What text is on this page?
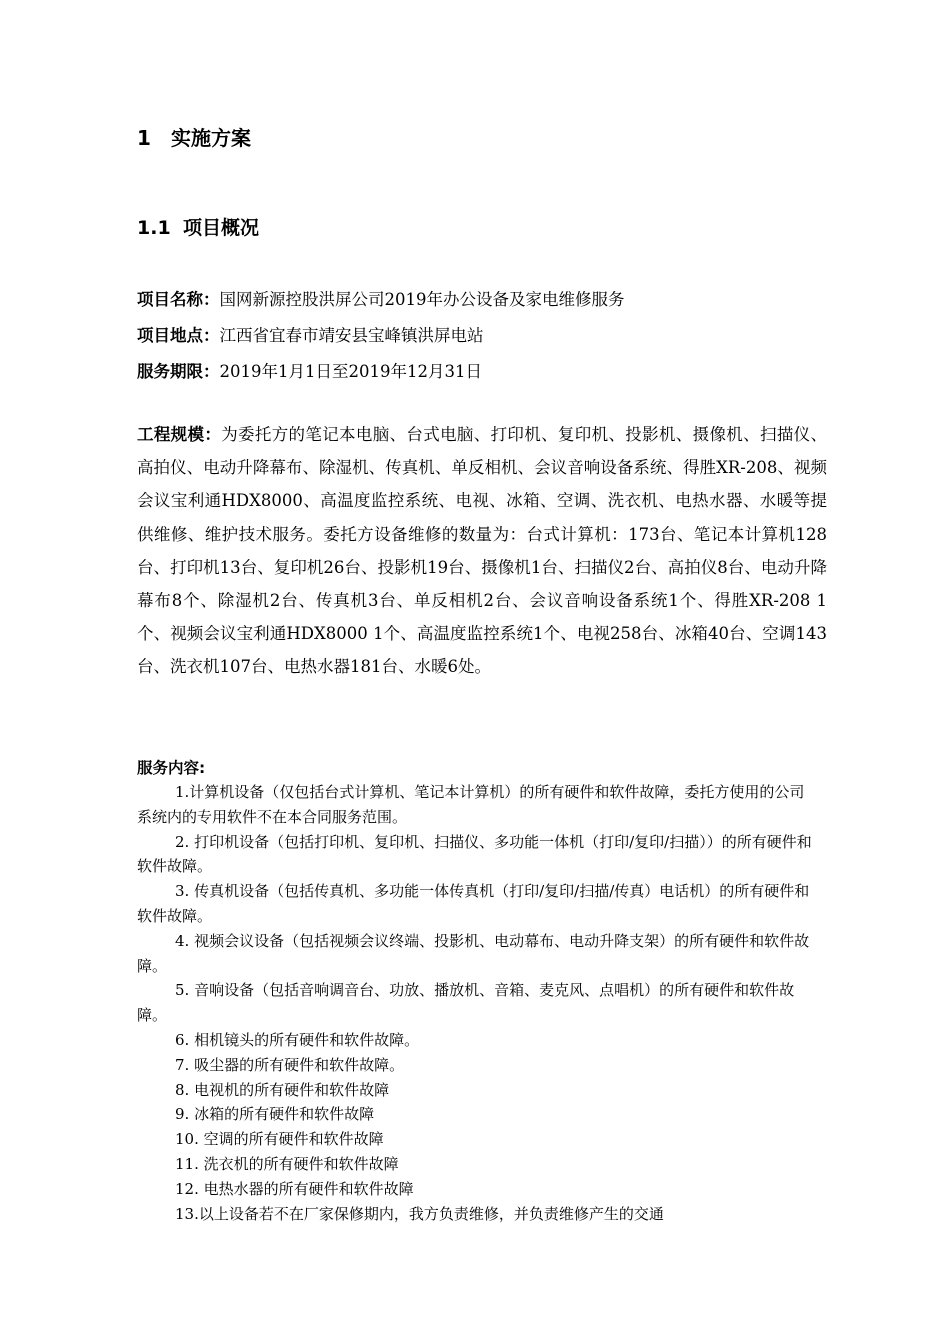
1 实施方案
1.1 项目概况
项目名称：国网新源控股洪屏公司2019年办公设备及家电维修服务
项目地点：江西省宜春市靖安县宝峰镇洪屏电站
服务期限：2019年1月1日至2019年12月31日
工程规模：为委托方的笔记本电脑、台式电脑、打印机、复印机、投影机、摄像机、扫描仪、高拍仪、电动升降幕布、除湿机、传真机、单反相机、会议音响设备系统、得胜XR-208、视频会议宝利通HDX8000、高温度监控系统、电视、冰箱、空调、洗衣机、电热水器、水暖等提供维修、维护技术服务。委托方设备维修的数量为：台式计算机：173台、笔记本计算机128台、打印机13台、复印机26台、投影机19台、摄像机1台、扫描仪2台、高拍仪8台、电动升降幕布8个、除湿机2台、传真机3台、单反相机2台、会议音响设备系统1个、得胜XR-208 1个、视频会议宝利通HDX8000 1个、高温度监控系统1个、电视258台、冰箱40台、空调143台、洗衣机107台、电热水器181台、水暖6处。
服务内容:

1.计算机设备（仅包括台式计算机、笔记本计算机）的所有硬件和软件故障，委托方使用的公司系统内的专用软件不在本合同服务范围。

2. 打印机设备（包括打印机、复印机、扫描仪、多功能一体机（打印/复印/扫描））的所有硬件和软件故障。

3. 传真机设备（包括传真机、多功能一体传真机（打印/复印/扫描/传真）电话机）的所有硬件和软件故障。

4. 视频会议设备（包括视频会议终端、投影机、电动幕布、电动升降支架）的所有硬件和软件故障。

5. 音响设备（包括音响调音台、功放、播放机、音箱、麦克风、点唱机）的所有硬件和软件故障。

6. 相机镜头的所有硬件和软件故障。

7. 吸尘器的所有硬件和软件故障。

8. 电视机的所有硬件和软件故障

9. 冰箱的所有硬件和软件故障

10. 空调的所有硬件和软件故障

11. 洗衣机的所有硬件和软件故障

12. 电热水器的所有硬件和软件故障

13.以上设备若不在厂家保修期内，我方负责维修，并负责维修产生的交通
